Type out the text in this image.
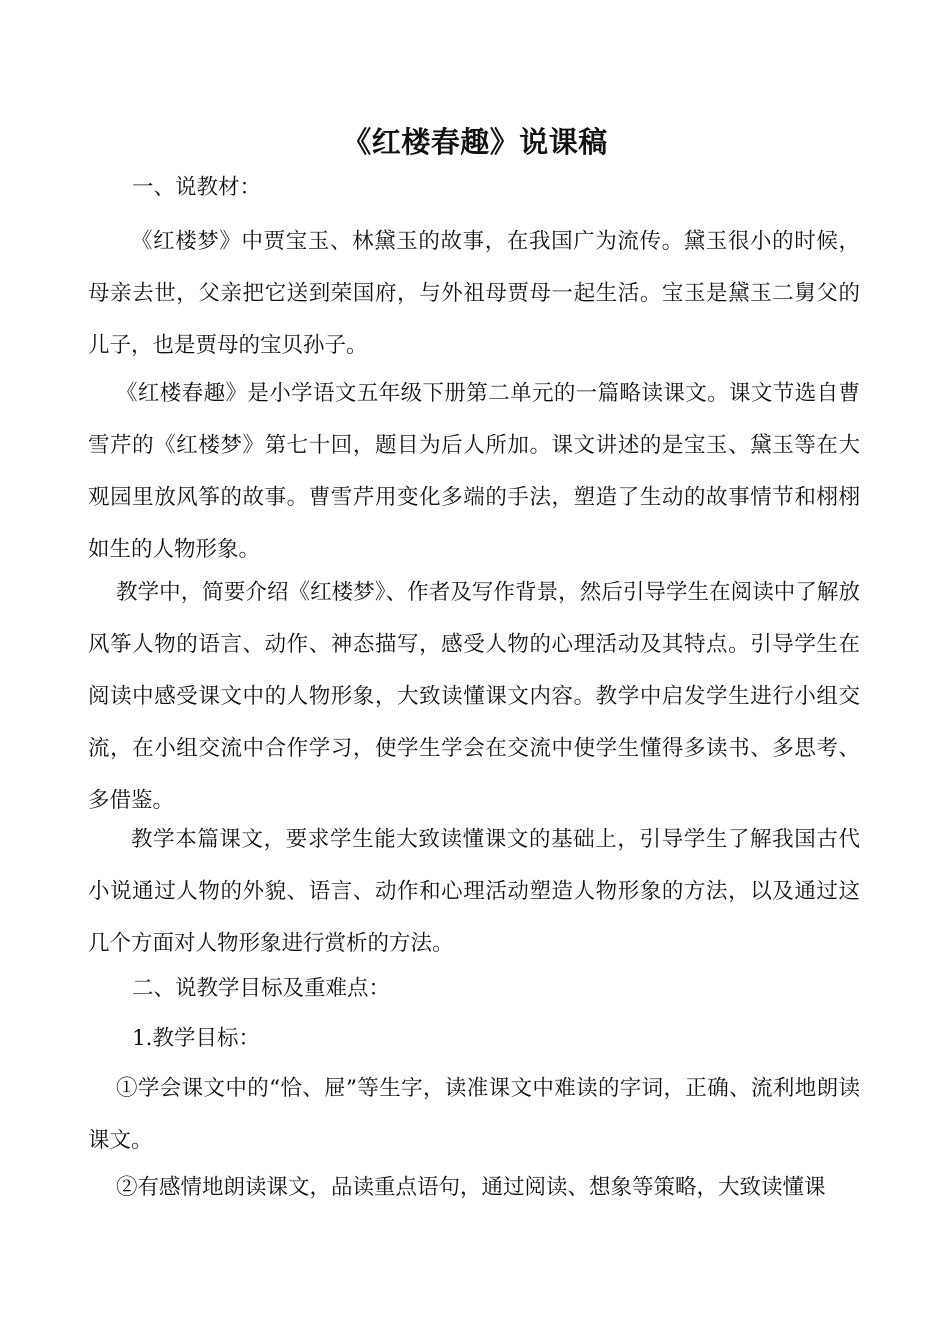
《红楼春趣》说课稿
一、说教材：
《红楼梦》中贾宝玉、林黛玉的故事，在我国广为流传。黛玉很小的时候，母亲去世，父亲把它送到荣国府，与外祖母贾母一起生活。宝玉是黛玉二舅父的儿子，也是贾母的宝贝孙子。
《红楼春趣》是小学语文五年级下册第二单元的一篇略读课文。课文节选自曹雪芹的《红楼梦》第七十回，题目为后人所加。课文讲述的是宝玉、黛玉等在大观园里放风筝的故事。曹雪芹用变化多端的手法，塑造了生动的故事情节和栩栩如生的人物形象。
教学中，简要介绍《红楼梦》、作者及写作背景，然后引导学生在阅读中了解放风筝人物的语言、动作、神态描写，感受人物的心理活动及其特点。引导学生在阅读中感受课文中的人物形象，大致读懂课文内容。教学中启发学生进行小组交流，在小组交流中合作学习，使学生学会在交流中使学生懂得多读书、多思考、多借鉴。
教学本篇课文，要求学生能大致读懂课文的基础上，引导学生了解我国古代小说通过人物的外貌、语言、动作和心理活动塑造人物形象的方法，以及通过这几个方面对人物形象进行赏析的方法。
二、说教学目标及重难点：
1.教学目标：
①学会课文中的“恰、屉”等生字，读准课文中难读的字词，正确、流利地朗读课文。
②有感情地朗读课文，品读重点语句，通过阅读、想象等策略，大致读懂课
